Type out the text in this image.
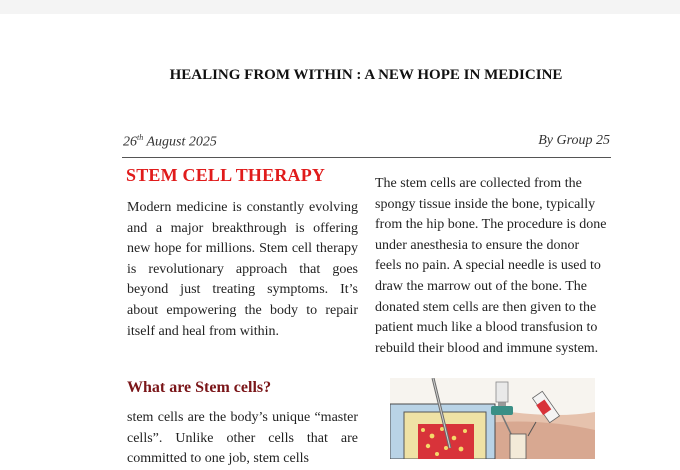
HEALING FROM WITHIN : A NEW HOPE IN MEDICINE
26th August 2025	By Group 25
STEM CELL THERAPY
Modern medicine is constantly evolving and a major breakthrough is offering new hope for millions. Stem cell therapy is revolutionary approach that goes beyond just treating symptoms. It’s about empowering the body to repair itself and heal from within.
What are Stem cells?
stem cells are the body’s unique “master cells”. Unlike other cells that are committed to one job, stem cells
The stem cells are collected from the spongy tissue inside the bone, typically from the hip bone. The procedure is done under anesthesia to ensure the donor feels no pain. A special needle is used to draw the marrow out of the bone. The donated stem cells are then given to the patient much like a blood transfusion to rebuild their blood and immune system.
